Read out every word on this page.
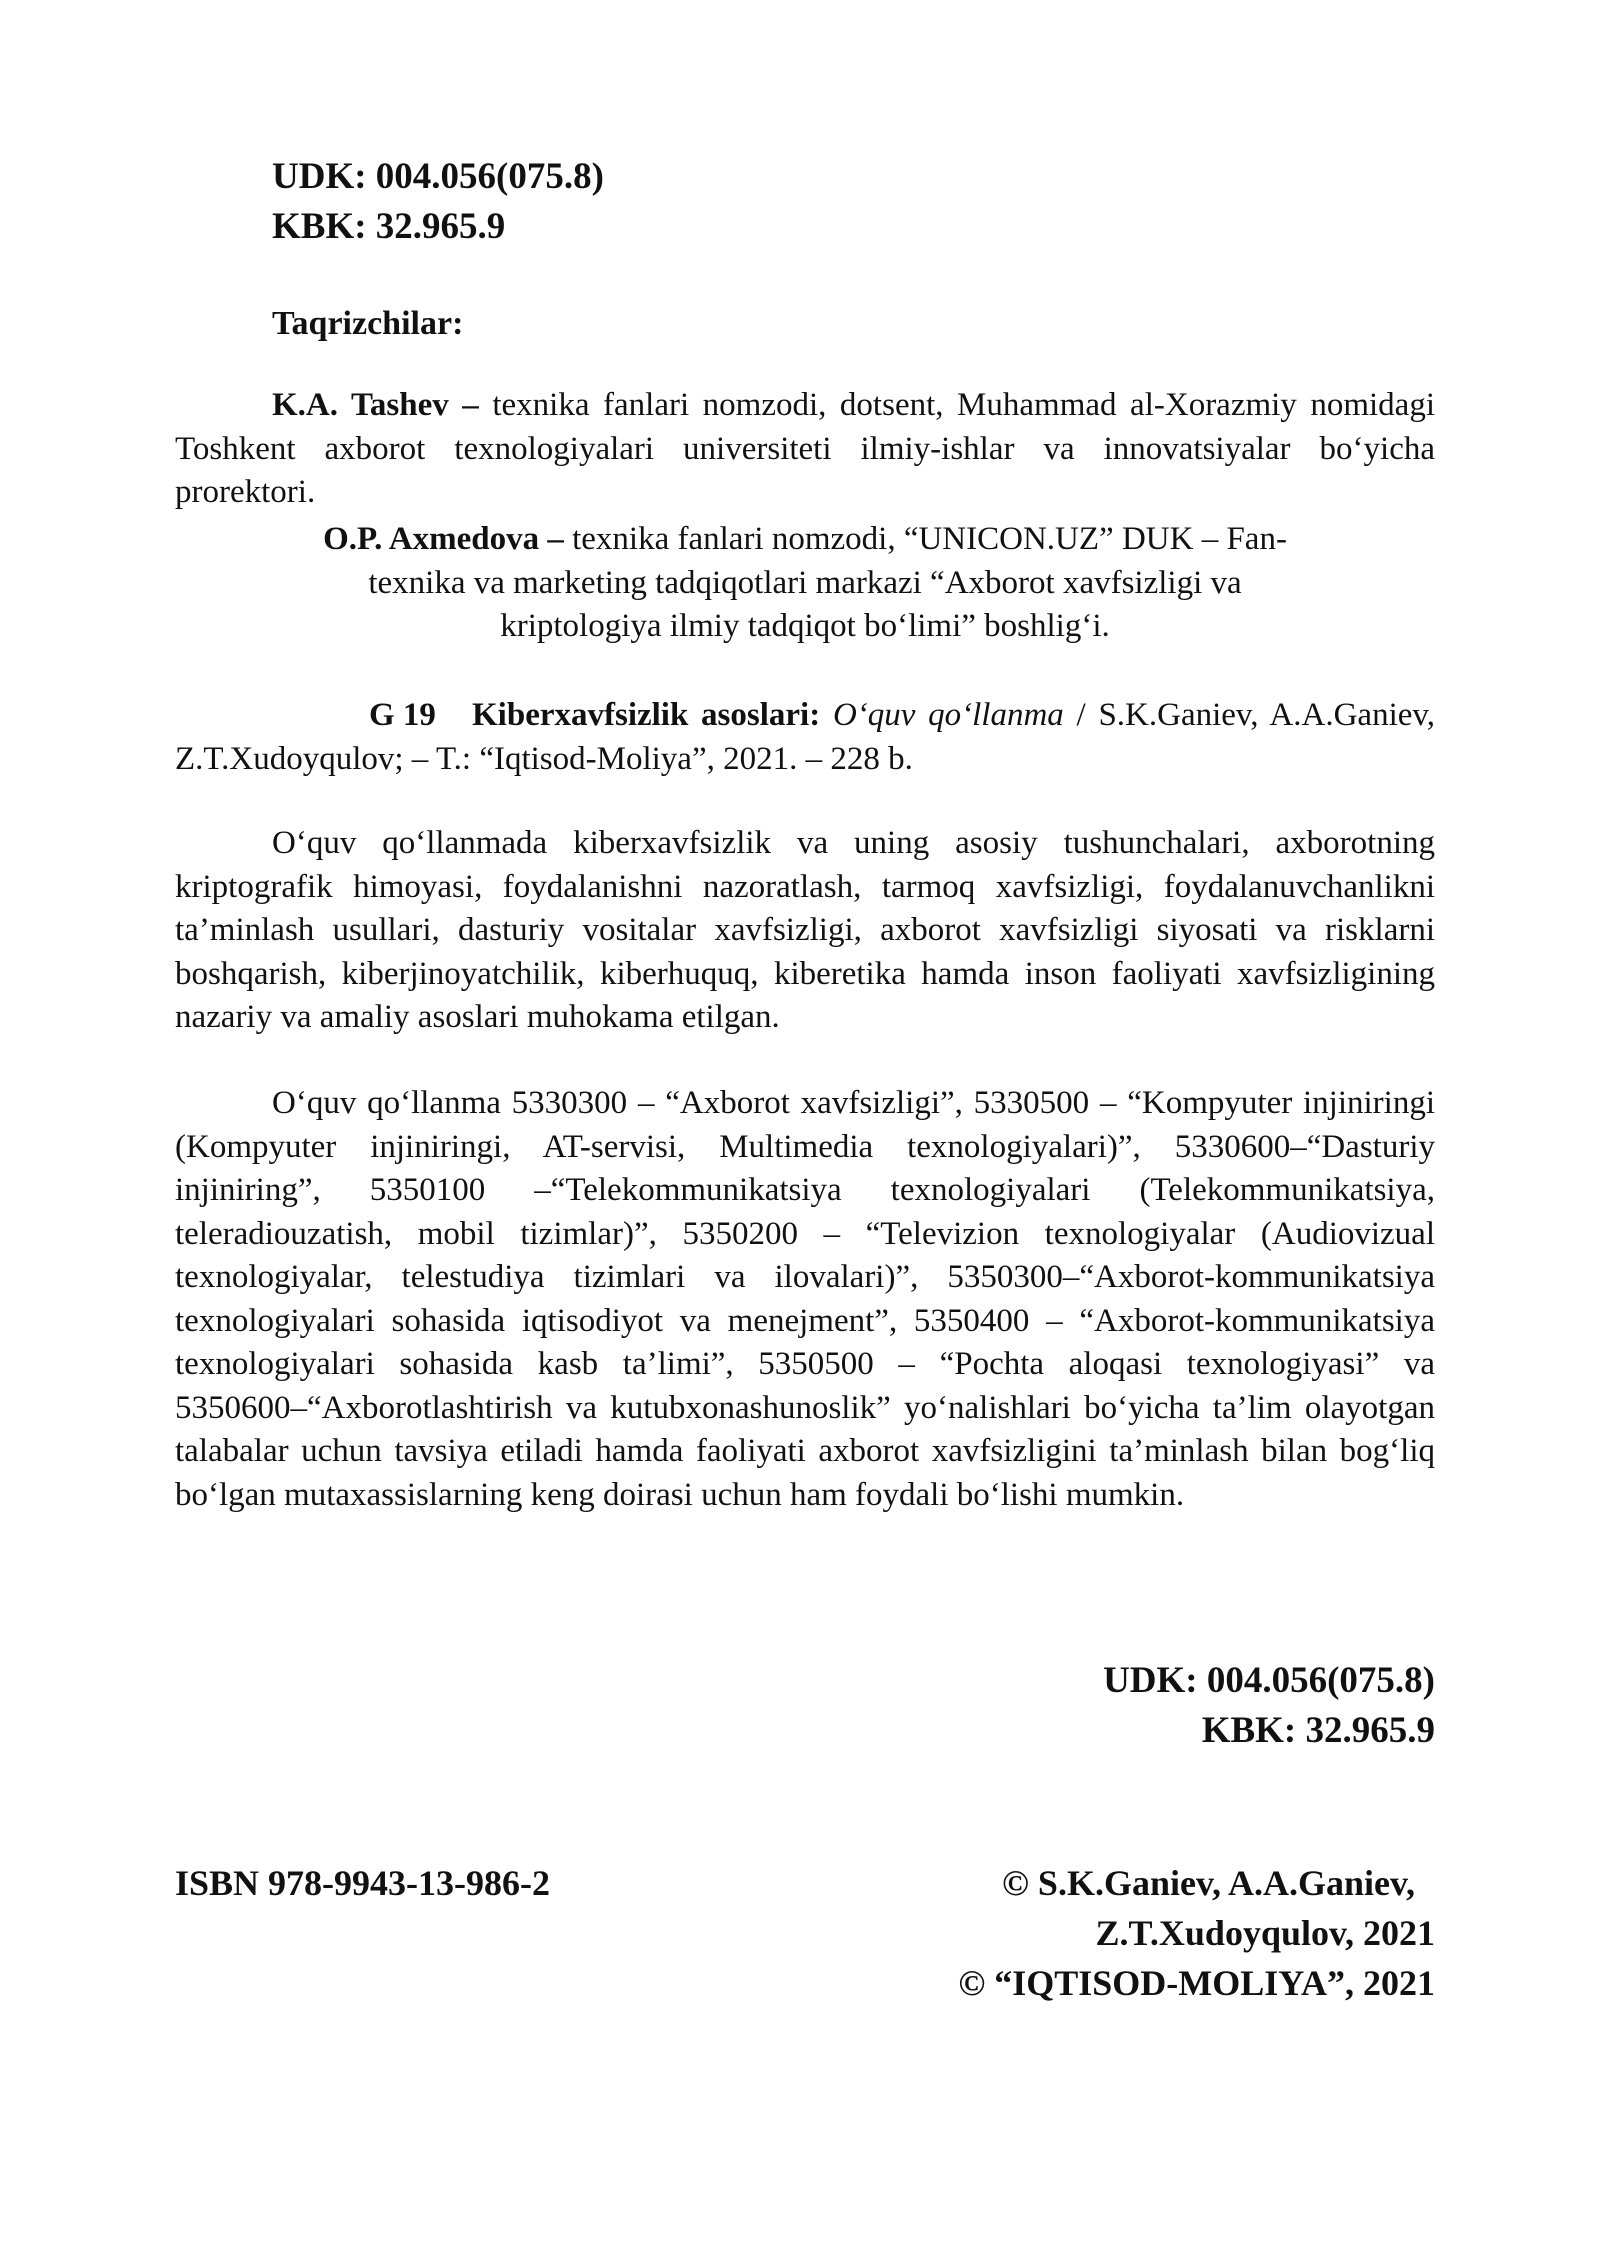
UDK: 004.056(075.8)
KBK: 32.965.9
Taqrizchilar:

K.A. Tashev – texnika fanlari nomzodi, dotsent, Muhammad al-Xorazmiy nomidagi Toshkent axborot texnologiyalari universiteti ilmiy-ishlar va innovatsiyalar bo‘yicha prorektori.

O.P. Axmedova – texnika fanlari nomzodi, “UNICON.UZ” DUK – Fan-texnika va marketing tadqiqotlari markazi “Axborot xavfsizligi va kriptologiya ilmiy tadqiqot bo‘limi” boshlig‘i.

G 19 Kiberxavfsizlik asoslari: O‘quv qo‘llanma / S.K.Ganiev, A.A.Ganiev, Z.T.Xudoyqulov; – T.: “Iqtisod-Moliya”, 2021. – 228 b.

O‘quv qo‘llanmada kiberxavfsizlik va uning asosiy tushunchalari, axborotning kriptografik himoyasi, foydalanishni nazoratlash, tarmoq xavfsizligi, foydalanuvchanlikni ta’minlash usullari, dasturiy vositalar xavfsizligi, axborot xavfsizligi siyosati va risklarni boshqarish, kiberjinoyatchilik, kiberhuquq, kiberetika hamda inson faoliyati xavfsizligining nazariy va amaliy asoslari muhokama etilgan.

O‘quv qo‘llanma 5330300 – “Axborot xavfsizligi”, 5330500 – “Kompyuter injiniringi (Kompyuter injiniringi, AT-servisi, Multimedia texnologiyalari)”, 5330600–“Dasturiy injiniring”, 5350100 –“Telekommunikatsiya texnologiyalari (Telekommunikatsiya, teleradiouzatish, mobil tizimlar)”, 5350200 – “Televizion texnologiyalar (Audiovizual texnologiyalar, telestudiya tizimlari va ilovalari)”, 5350300–“Axborot-kommunikatsiya texnologiyalari sohasida iqtisodiyot va menejment”, 5350400 – “Axborot-kommunikatsiya texnologiyalari sohasida kasb ta’limi”, 5350500 – “Pochta aloqasi texnologiyasi” va 5350600–“Axborotlashtirish va kutubxonashunoslik” yo‘nalishlari bo‘yicha ta’lim olayotgan talabalar uchun tavsiya etiladi hamda faoliyati axborot xavfsizligini ta’minlash bilan bog‘liq bo‘lgan mutaxassislarning keng doirasi uchun ham foydali bo‘lishi mumkin.

UDK: 004.056(075.8)
KBK: 32.965.9
ISBN 978-9943-13-986-2	© S.K.Ganiev, A.A.Ganiev,
Z.T.Xudoyqulov, 2021
© “IQTISOD-MOLIYA”, 2021
